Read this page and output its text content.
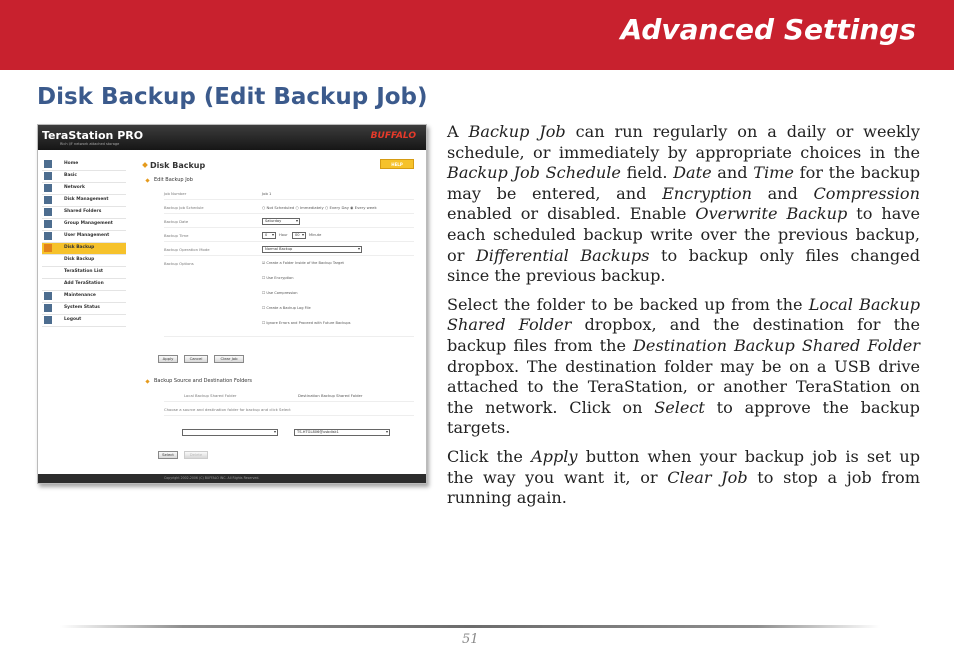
Advanced Settings
Disk Backup (Edit Backup Job)
TeraStation PRO
Rich I/F network attached storage
BUFFALO
Home
Basic
Network
Disk Management
Shared Folders
Group Management
User Management
Disk Backup
Disk Backup
TeraStation List
Add TeraStation
Maintenance
System Status
Logout
Disk Backup	HELP
Edit Backup Job
Job Number	Job 1
Backup Job Schedule	○ Not Scheduled ○ Immediately ○ Every Day ◉ Every week
Backup Date	Saturday ▾
Backup Time	0 ▾	Hour	00 ▾	Minute
Backup Operation Mode	Normal Backup ▾
Backup Options	☑ Create a Folder Inside of the Backup Target
☐ Use Encryption
☐ Use Compression
☐ Create a Backup Log File
☐ Ignore Errors and Proceed with Future Backups
Apply	Cancel	Clear Job
Backup Source and Destination Folders
Local Backup Shared Folder	Destination Backup Shared Folder
Choose a source and destination folder for backup and click Select
▾
TS-HTGL806@usbdisk1 ▾
Select	Delete
Copyright 2002-2006 (C) BUFFALO INC. All Rights Reserved.

A Backup Job can run regularly on a daily or weekly schedule, or immediately by appropriate choices in the Backup Job Schedule field. Date and Time for the backup may be entered, and Encryption and Compression enabled or disabled. Enable Overwrite Backup to have each scheduled backup write over the previous backup, or Differential Backups to backup only files changed since the previous backup.

Select the folder to be backed up from the Local Backup Shared Folder dropbox, and the destination for the backup files from the Destination Backup Shared Folder dropbox. The destination folder may be on a USB drive attached to the TeraStation, or another TeraStation on the network. Click on Select to approve the backup targets.

Click the Apply button when your backup job is set up the way you want it, or Clear Job to stop a job from running again.

51
